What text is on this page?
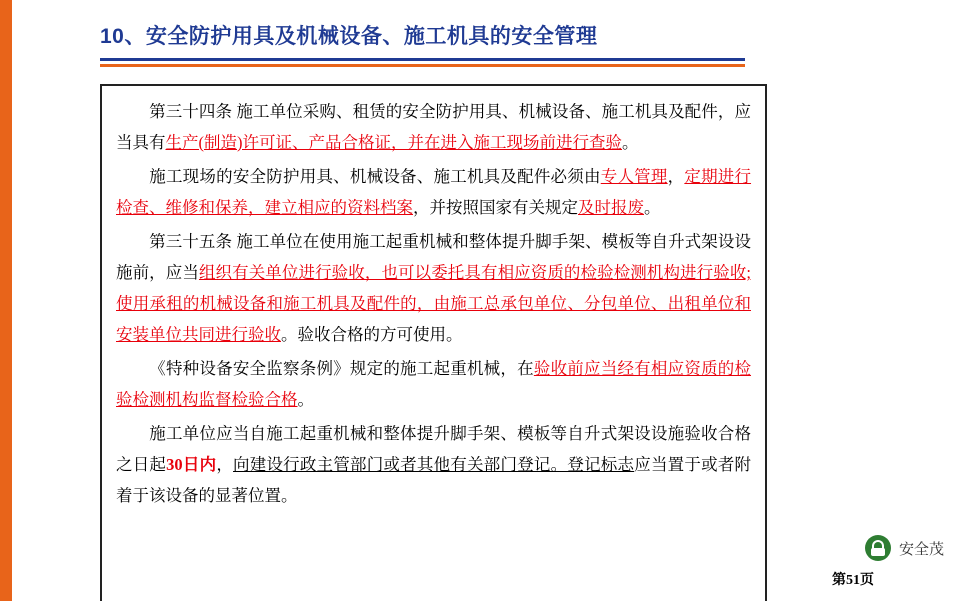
10、安全防护用具及机械设备、施工机具的安全管理

第三十四条 施工单位采购、租赁的安全防护用具、机械设备、施工机具及配件，应当具有生产(制造)许可证、产品合格证，并在进入施工现场前进行查验。

施工现场的安全防护用具、机械设备、施工机具及配件必须由专人管理，定期进行检查、维修和保养，建立相应的资料档案，并按照国家有关规定及时报废。

第三十五条 施工单位在使用施工起重机械和整体提升脚手架、模板等自升式架设设施前，应当组织有关单位进行验收，也可以委托具有相应资质的检验检测机构进行验收;使用承租的机械设备和施工机具及配件的，由施工总承包单位、分包单位、出租单位和安装单位共同进行验收。验收合格的方可使用。

《特种设备安全监察条例》规定的施工起重机械，在验收前应当经有相应资质的检验检测机构监督检验合格。

施工单位应当自施工起重机械和整体提升脚手架、模板等自升式架设设施验收合格之日起30日内，向建设行政主管部门或者其他有关部门登记。登记标志应当置于或者附着于该设备的显著位置。

安全茂
第51页
